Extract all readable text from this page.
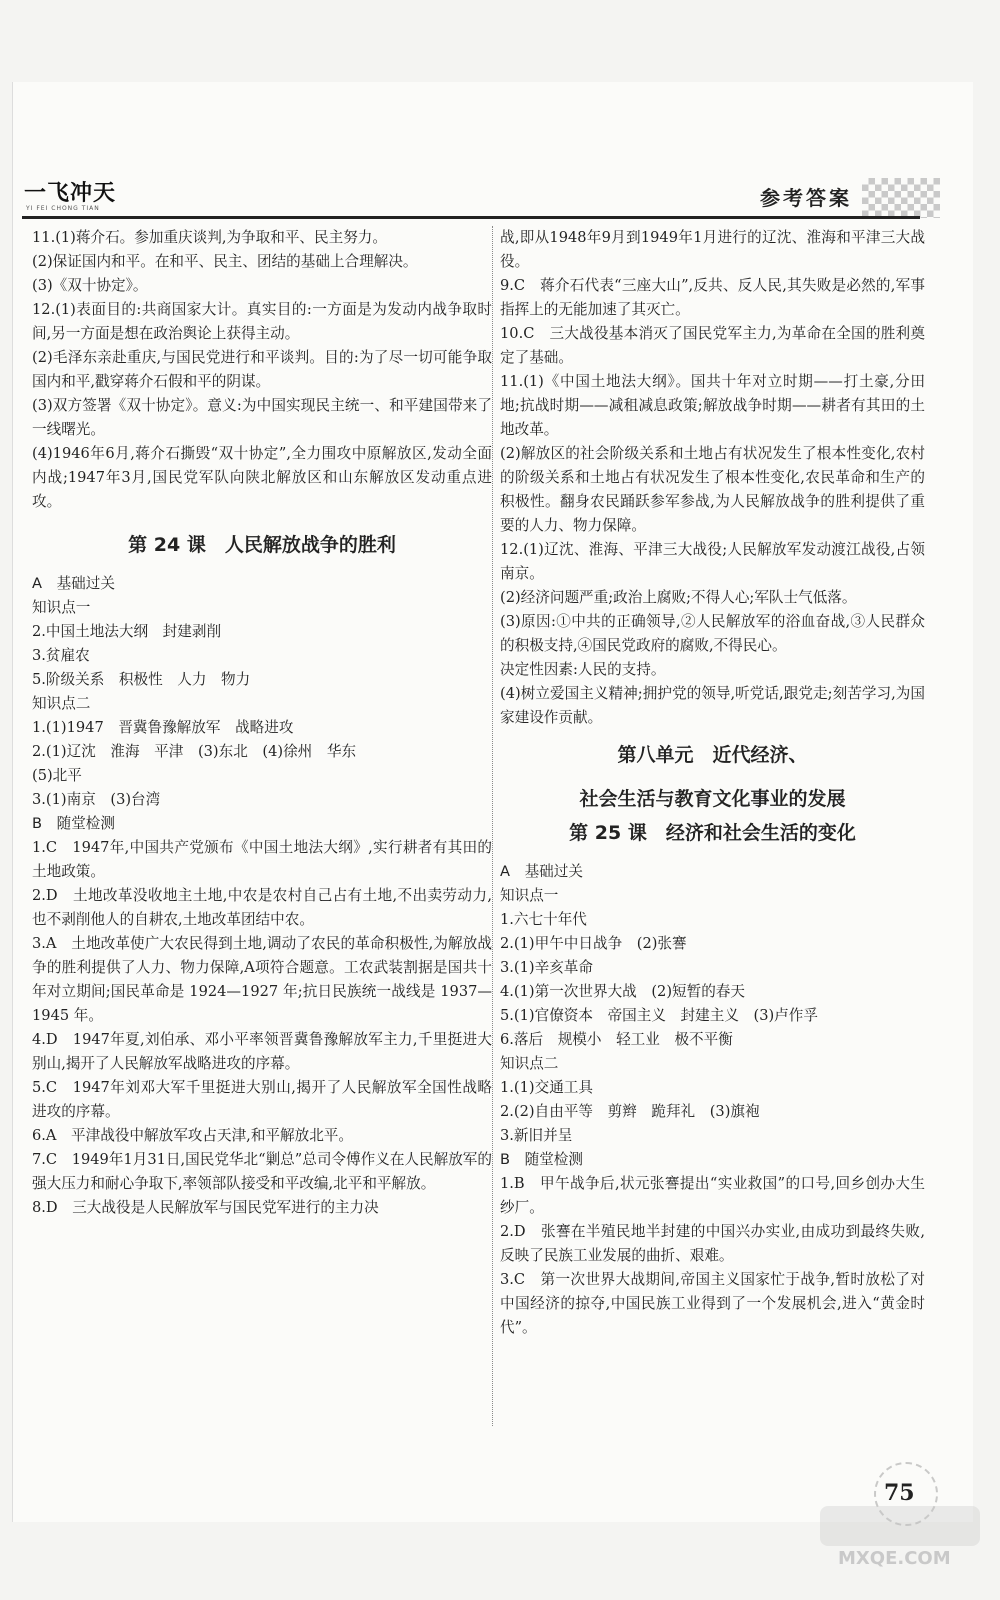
一飞冲天
YI FEI CHONG TIAN	参考答案

11.(1)蒋介石。参加重庆谈判,为争取和平、民主努力。

(2)保证国内和平。在和平、民主、团结的基础上合理解决。

(3)《双十协定》。

12.(1)表面目的:共商国家大计。真实目的:一方面是为发动内战争取时间,另一方面是想在政治舆论上获得主动。

(2)毛泽东亲赴重庆,与国民党进行和平谈判。目的:为了尽一切可能争取国内和平,戳穿蒋介石假和平的阴谋。

(3)双方签署《双十协定》。意义:为中国实现民主统一、和平建国带来了一线曙光。

(4)1946年6月,蒋介石撕毁“双十协定”,全力围攻中原解放区,发动全面内战;1947年3月,国民党军队向陕北解放区和山东解放区发动重点进攻。

第 24 课　人民解放战争的胜利

A　基础过关

知识点一

2.中国土地法大纲　封建剥削

3.贫雇农

5.阶级关系　积极性　人力　物力

知识点二

1.(1)1947　晋冀鲁豫解放军　战略进攻

2.(1)辽沈　淮海　平津　(3)东北　(4)徐州　华东

(5)北平

3.(1)南京　(3)台湾

B　随堂检测

1.C　1947年,中国共产党颁布《中国土地法大纲》,实行耕者有其田的土地政策。

2.D　土地改革没收地主土地,中农是农村自己占有土地,不出卖劳动力,也不剥削他人的自耕农,土地改革团结中农。

3.A　土地改革使广大农民得到土地,调动了农民的革命积极性,为解放战争的胜利提供了人力、物力保障,A项符合题意。工农武装割据是国共十年对立期间;国民革命是 1924—1927 年;抗日民族统一战线是 1937—1945 年。

4.D　1947年夏,刘伯承、邓小平率领晋冀鲁豫解放军主力,千里挺进大别山,揭开了人民解放军战略进攻的序幕。

5.C　1947年刘邓大军千里挺进大别山,揭开了人民解放军全国性战略进攻的序幕。

6.A　平津战役中解放军攻占天津,和平解放北平。

7.C　1949年1月31日,国民党华北“剿总”总司令傅作义在人民解放军的强大压力和耐心争取下,率领部队接受和平改编,北平和平解放。

8.D　三大战役是人民解放军与国民党军进行的主力决

战,即从1948年9月到1949年1月进行的辽沈、淮海和平津三大战役。

9.C　蒋介石代表“三座大山”,反共、反人民,其失败是必然的,军事指挥上的无能加速了其灭亡。

10.C　三大战役基本消灭了国民党军主力,为革命在全国的胜利奠定了基础。

11.(1)《中国土地法大纲》。国共十年对立时期——打土豪,分田地;抗战时期——减租减息政策;解放战争时期——耕者有其田的土地改革。

(2)解放区的社会阶级关系和土地占有状况发生了根本性变化,农村的阶级关系和土地占有状况发生了根本性变化,农民革命和生产的积极性。翻身农民踊跃参军参战,为人民解放战争的胜利提供了重要的人力、物力保障。

12.(1)辽沈、淮海、平津三大战役;人民解放军发动渡江战役,占领南京。

(2)经济问题严重;政治上腐败;不得人心;军队士气低落。

(3)原因:①中共的正确领导,②人民解放军的浴血奋战,③人民群众的积极支持,④国民党政府的腐败,不得民心。

决定性因素:人民的支持。

(4)树立爱国主义精神;拥护党的领导,听党话,跟党走;刻苦学习,为国家建设作贡献。

第八单元　近代经济、
社会生活与教育文化事业的发展
第 25 课　经济和社会生活的变化

A　基础过关

知识点一

1.六七十年代

2.(1)甲午中日战争　(2)张謇

3.(1)辛亥革命

4.(1)第一次世界大战　(2)短暂的春天

5.(1)官僚资本　帝国主义　封建主义　(3)卢作孚

6.落后　规模小　轻工业　极不平衡

知识点二

1.(1)交通工具

2.(2)自由平等　剪辫　跪拜礼　(3)旗袍

3.新旧并呈

B　随堂检测

1.B　甲午战争后,状元张謇提出“实业救国”的口号,回乡创办大生纱厂。

2.D　张謇在半殖民地半封建的中国兴办实业,由成功到最终失败,反映了民族工业发展的曲折、艰难。

3.C　第一次世界大战期间,帝国主义国家忙于战争,暂时放松了对中国经济的掠夺,中国民族工业得到了一个发展机会,进入“黄金时代”。

75
MXQE.COM
